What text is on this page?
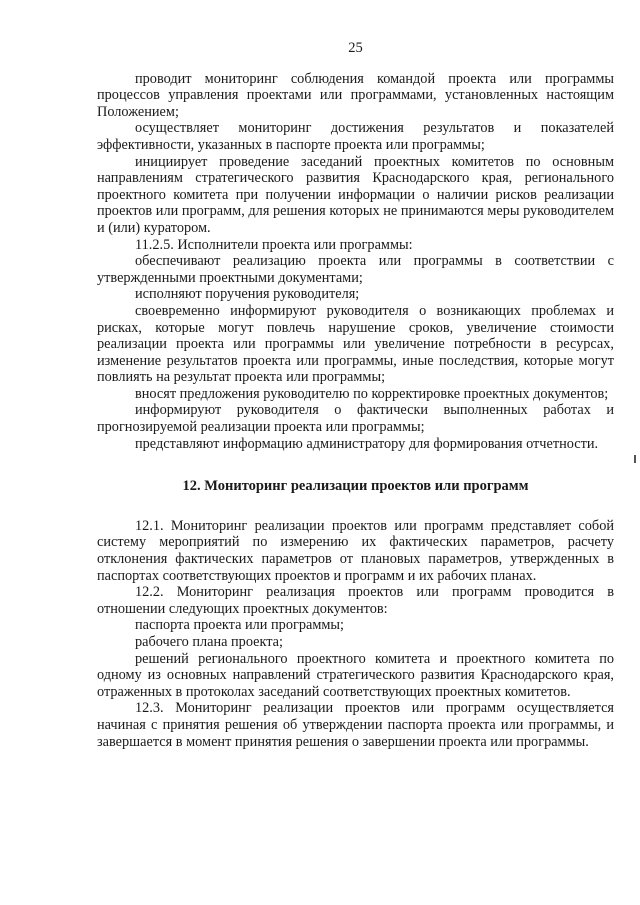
25

проводит мониторинг соблюдения командой проекта или программы процессов управления проектами или программами, установленных настоящим Положением;

осуществляет мониторинг достижения результатов и показателей эффективности, указанных в паспорте проекта или программы;

инициирует проведение заседаний проектных комитетов по основным направлениям стратегического развития Краснодарского края, регионального проектного комитета при получении информации о наличии рисков реализации проектов или программ, для решения которых не принимаются меры руководителем и (или) куратором.

11.2.5. Исполнители проекта или программы:

обеспечивают реализацию проекта или программы в соответствии с утвержденными проектными документами;

исполняют поручения руководителя;

своевременно информируют руководителя о возникающих проблемах и рисках, которые могут повлечь нарушение сроков, увеличение стоимости реализации проекта или программы или увеличение потребности в ресурсах, изменение результатов проекта или программы, иные последствия, которые могут повлиять на результат проекта или программы;

вносят предложения руководителю по корректировке проектных документов;

информируют руководителя о фактически выполненных работах и прогнозируемой реализации проекта или программы;

представляют информацию администратору для формирования отчетности.

12. Мониторинг реализации проектов или программ

12.1. Мониторинг реализации проектов или программ представляет собой систему мероприятий по измерению их фактических параметров, расчету отклонения фактических параметров от плановых параметров, утвержденных в паспортах соответствующих проектов и программ и их рабочих планах.

12.2. Мониторинг реализация проектов или программ проводится в отношении следующих проектных документов:

паспорта проекта или программы;

рабочего плана проекта;

решений регионального проектного комитета и проектного комитета по одному из основных направлений стратегического развития Краснодарского края, отраженных в протоколах заседаний соответствующих проектных комитетов.

12.3. Мониторинг реализации проектов или программ осуществляется начиная с принятия решения об утверждении паспорта проекта или программы, и завершается в момент принятия решения о завершении проекта или программы.
